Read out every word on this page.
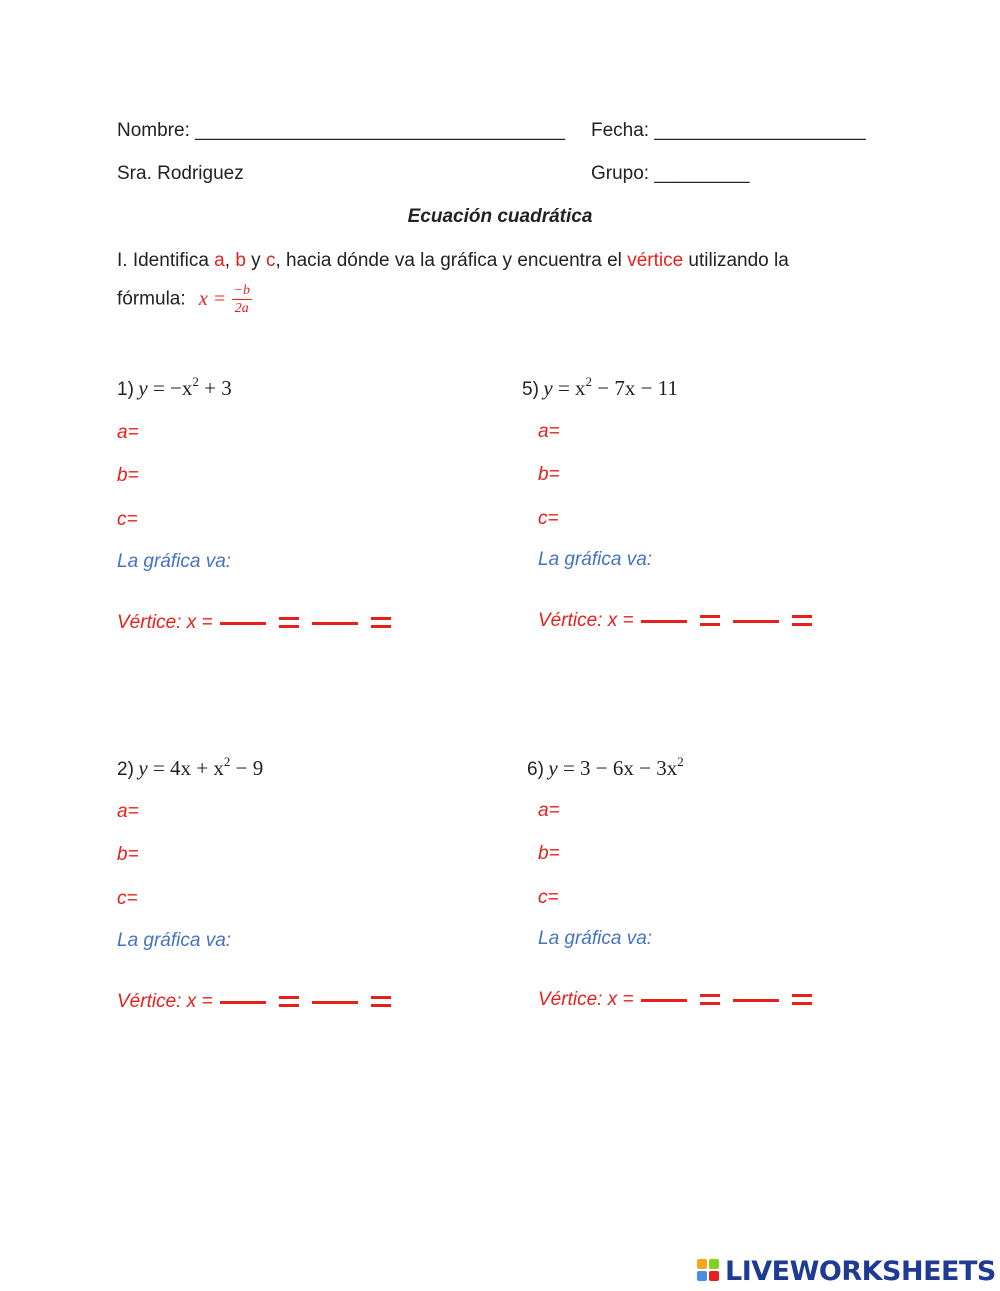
Nombre: ___________________________________ Fecha: ____________________
Sra. Rodriguez	Grupo: _________
Ecuación cuadrática
I. Identifica a, b y c, hacia dónde va la gráfica y encuentra el vértice utilizando la
fórmula: $x = \frac{-b}{2a}$
1) $y = -x^2 + 3$
a=
b=
c=
La gráfica va:
Vértice: x =
5) $y = x^2 - 7x - 11$
a=
b=
c=
La gráfica va:
Vértice: x =
2) $y = 4x + x^2 - 9$
a=
b=
c=
La gráfica va:
Vértice: x =
6) $y = 3 - 6x - 3x^2$
a=
b=
c=
La gráfica va:
Vértice: x =
LIVEWORKSHEETS
